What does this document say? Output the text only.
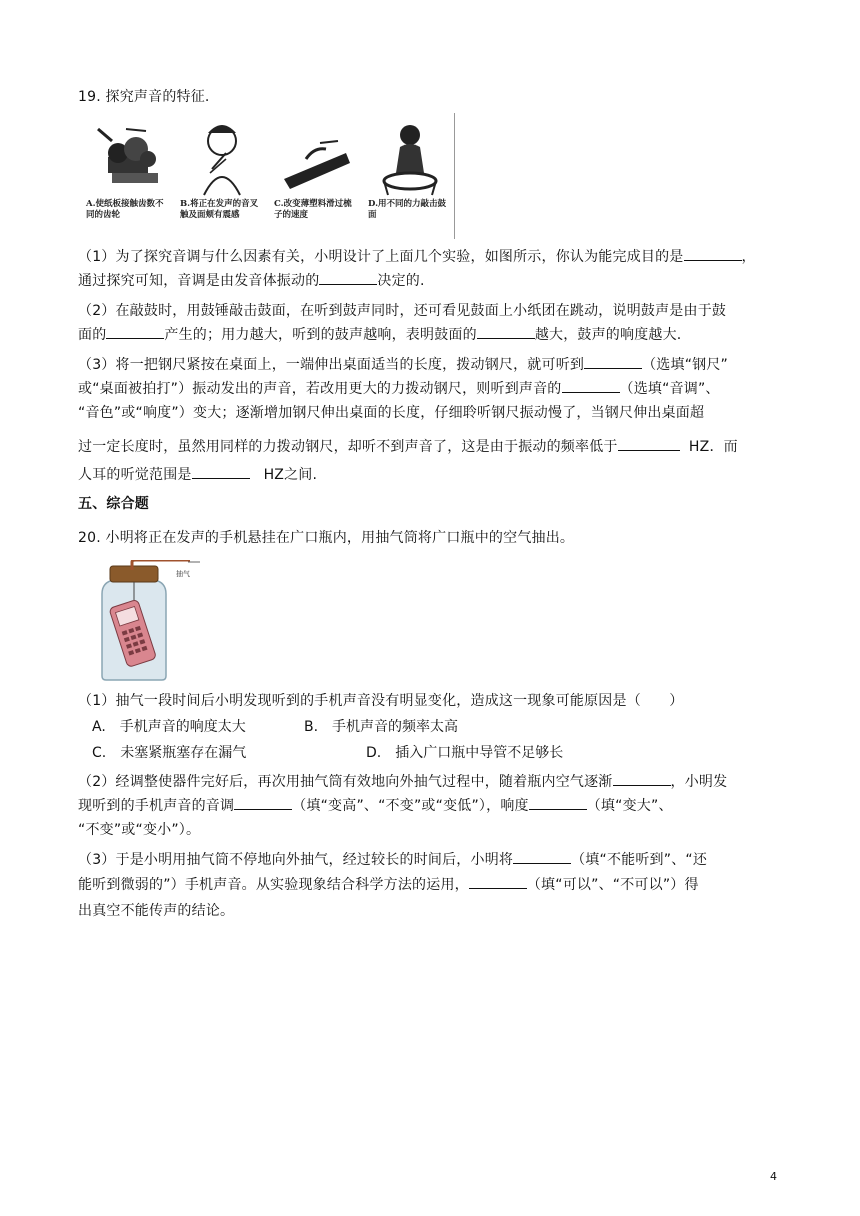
19. 探究声音的特征.
A.使纸板接触齿数不同的齿轮
B.将正在发声的音叉触及面颊有震感
C.改变薄塑料滑过梳子的速度
D.用不同的力敲击鼓面
（1）为了探究音调与什么因素有关，小明设计了上面几个实验，如图所示，你认为能完成目的是	，
通过探究可知，音调是由发音体振动的	决定的.
（2）在敲鼓时，用鼓锤敲击鼓面，在听到鼓声同时，还可看见鼓面上小纸团在跳动，说明鼓声是由于鼓
面的	产生的；用力越大，听到的鼓声越响，表明鼓面的	越大，鼓声的响度越大.
（3）将一把钢尺紧按在桌面上，一端伸出桌面适当的长度，拨动钢尺，就可听到	（选填“钢尺”
或“桌面被拍打”）振动发出的声音，若改用更大的力拨动钢尺，则听到声音的	（选填“音调”、
“音色”或“响度”）变大；逐渐增加钢尺伸出桌面的长度，仔细聆听钢尺振动慢了，当钢尺伸出桌面超
过一定长度时，虽然用同样的力拨动钢尺，却听不到声音了，这是由于振动的频率低于	HZ．而
人耳的听觉范围是	HZ之间.
五、综合题
20. 小明将正在发声的手机悬挂在广口瓶内，用抽气筒将广口瓶中的空气抽出。
抽气
（1）抽气一段时间后小明发现听到的手机声音没有明显变化，造成这一现象可能原因是（　　）
A.　手机声音的响度太大	B.　手机声音的频率太高
C.　未塞紧瓶塞存在漏气	D.　插入广口瓶中导管不足够长
（2）经调整使器件完好后，再次用抽气筒有效地向外抽气过程中，随着瓶内空气逐渐	，小明发
现听到的手机声音的音调	（填“变高”、“不变”或“变低”），响度	（填“变大”、
“不变”或“变小”）。
（3）于是小明用抽气筒不停地向外抽气，经过较长的时间后，小明将	（填“不能听到”、“还
能听到微弱的”）手机声音。从实验现象结合科学方法的运用，	（填“可以”、“不可以”）得
出真空不能传声的结论。
4
